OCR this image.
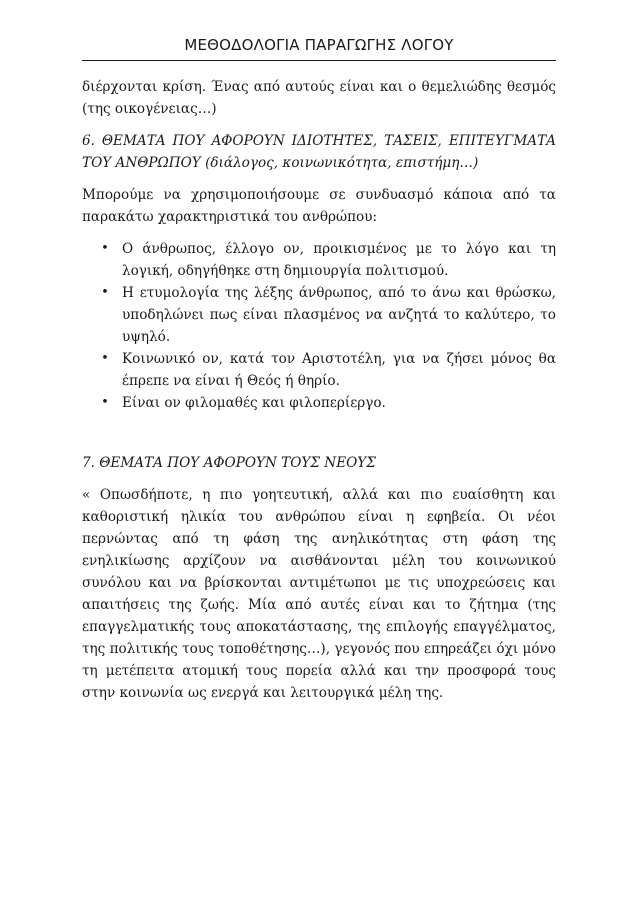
ΜΕΘΟΔΟΛΟΓΙΑ ΠΑΡΑΓΩΓΗΣ ΛΟΓΟΥ

διέρχονται κρίση. Ένας από αυτούς είναι και ο θεμελιώδης θεσμός (της οικογένειας…)

6. ΘΕΜΑΤΑ ΠΟΥ ΑΦΟΡΟΥΝ ΙΔΙΟΤΗΤΕΣ, ΤΑΣΕΙΣ, ΕΠΙΤΕΥΓΜΑΤΑ ΤΟΥ ΑΝΘΡΩΠΟΥ (διάλογος, κοινωνικότητα, επιστήμη…)

Μπορούμε να χρησιμοποιήσουμε σε συνδυασμό κάποια από τα παρακάτω χαρακτηριστικά του ανθρώπου:

• Ο άνθρωπος, έλλογο ον, προικισμένος με το λόγο και τη λογική, οδηγήθηκε στη δημιουργία πολιτισμού.
• Η ετυμολογία της λέξης άνθρωπος, από το άνω και θρώσκω, υποδηλώνει πως είναι πλασμένος να ανζητά το καλύτερο, το υψηλό.
• Κοινωνικό ον, κατά τον Αριστοτέλη, για να ζήσει μόνος θα έπρεπε να είναι ή Θεός ή θηρίο.
• Είναι ον φιλομαθές και φιλοπερίεργο.

7. ΘΕΜΑΤΑ ΠΟΥ ΑΦΟΡΟΥΝ ΤΟΥΣ ΝΕΟΥΣ

« Οπωσδήποτε, η πιο γοητευτική, αλλά και πιο ευαίσθητη και καθοριστική ηλικία του ανθρώπου είναι η εφηβεία. Οι νέοι περνώντας από τη φάση της ανηλικότητας στη φάση της ενηλικίωσης αρχίζουν να αισθάνονται μέλη του κοινωνικού συνόλου και να βρίσκονται αντιμέτωποι με τις υποχρεώσεις και απαιτήσεις της ζωής. Μία από αυτές είναι και το ζήτημα (της επαγγελματικής τους αποκατάστασης, της επιλογής επαγγέλματος, της πολιτικής τους τοποθέτησης…), γεγονός που επηρεάζει όχι μόνο τη μετέπειτα ατομική τους πορεία αλλά και την προσφορά τους στην κοινωνία ως ενεργά και λειτουργικά μέλη της.
